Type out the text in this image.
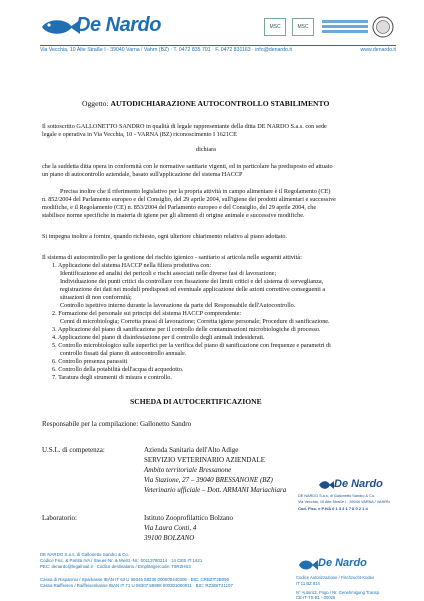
De Nardo	MSC	MSC
Via Vecchia, 10 Alte Straße I - 39040 Varna / Vahrn (BZ) · T. 0472 835 701 · F. 0472 831163 · info@denardo.it	www.denardo.it
Oggetto: AUTODICHIARAZIONE AUTOCONTROLLO STABILIMENTO
Il sottoscritto GALLONETTO SANDRO in qualità di legale rappresentante della ditta DE NARDO S.a.s. con sede
legale e operativa in Via Vecchia, 10 - VARNA (BZ) riconoscimento I 1621CE
dichiara
che la suddetta ditta opera in conformità con le normative sanitarie vigenti, ed in particolare ha predisposto ed attuato
un piano di autocontrollo aziendale, basato sull'applicazione del sistema HACCP
Precisa inoltre che il riferimento legislativo per la propria attività in campo alimentare è il Regolamento (CE)
n. 852/2004 del Parlamento europeo e del Consiglio, del 29 aprile 2004, sull'igiene dei prodotti alimentari e successive
modifiche, e il Regolamento (CE) n. 853/2004 del Parlamento europeo e del Consiglio, del 29 aprile 2004, che
stabilisce norme specifiche in materia di igiene per gli alimenti di origine animale e successive modifiche.
Si impegna inoltre a fornire, quando richiesto, ogni ulteriore chiarimento relativo al piano adottato.
Il sistema di autocontrollo per la gestione del rischio igienico - sanitario si articola nelle seguenti attività:
1. Applicazione del sistema HACCP nella filiera produttiva con:
Identificazione ed analisi dei pericoli e rischi associati nelle diverse fasi di lavorazione;
Individuazione dei punti critici da controllare con fissazione dei limiti critici e del sistema di sorveglianza,
registrazione dei dati nei moduli predisposti ed eventuale applicazione delle azioni correttive conseguenti a
situazioni di non conformità;
Controllo ispettivo interno durante la lavorazione da parte del Responsabile dell'Autocontrollo.
2. Formazione del personale sui principi del sistema HACCP comprendente:
Cenni di microbiologia; Corretta prassi di lavorazione; Corretta igiene personale; Procedure di sanificazione.
3. Applicazione del piano di sanificazione per il controllo delle contaminazioni microbiologiche di processo.
4. Applicazione del piano di disinfestazione per il controllo degli animali indesiderati.
5. Controllo microbiologico sulle superfici per la verifica del piano di sanificazione con frequenze e parametri di
controllo fissati dal piano di autocontrollo annuale.
6. Controllo presenza parassiti
6. Controllo della potabilità dell'acqua di acquedotto.
7. Taratura degli strumenti di misura e controllo.
SCHEDA DI AUTOCERTIFICAZIONE
Responsabile per la compilazione: Gallonetto Sandro
U.S.L. di competenza:	Azienda Sanitaria dell'Alto Adige
SERVIZIO VETERINARIO AZIENDALE
Ambito territoriale Bressanone
Via Stazione, 27 – 39040 BRESSANONE (BZ)
Veterinario ufficiale – Dott. ARMANI Mariachiara
Laboratorio:	Istituto Zooprofilattico Bolzano
Via Laura Conti, 4
39100 BOLZANO
De Nardo
DE NARDO S.a.s. di Gallonetto Sandro & Co.
Via Vecchia, 10 Alte Straße I - 39040 VARNA / VAHRN
Cod. Fisc. e P.IVA 0 1 3 3 1 7 8 0 2 1 4
DE NARDO S.a.s. di Gallonetto Sandro & Co.
Codice Fisc. & Partita IVA / Steuer-Nr. & MwSt.-Nr.: 00113780214 · 14 CEE IT 1621
PEC: denardo@legalmail.it · Codice destinatario / Empfängercode: T9RZHS3
Cassa di Risparmio / Sparkasse IBAN IT 63 U 06045 58230 000000440306 · BIC: CRBZIT2B090
Cassa Raiffeisen / Raiffeisenkasse IBAN IT 71 U 08307 58998 000301000011 · BIC: RZSBIT21107
De Nardo
Codice Autorizzazione / Fischzucht-Kodex
IT 11 BZ 814
N° Autorizz. Frigo / Nr. Genehmigung Transp.
CE-IT-TS-B1 - 00025
